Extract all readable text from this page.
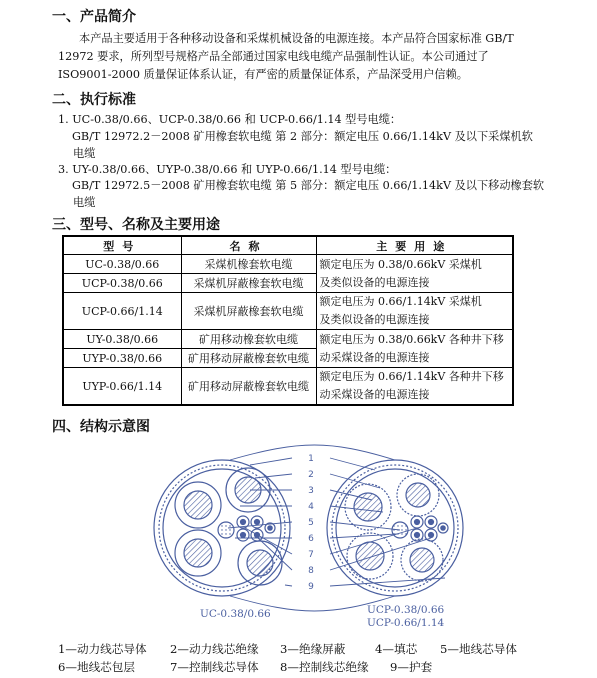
一、产品简介

本产品主要适用于各种移动设备和采煤机械设备的电源连接。本产品符合国家标准 GB/T

12972 要求，所列型号规格产品全部通过国家电线电缆产品强制性认证。本公司通过了

ISO9001-2000 质量保证体系认证，有严密的质量保证体系，产品深受用户信赖。

二、执行标准

1. UC-0.38/0.66、UCP-0.38/0.66 和 UCP-0.66/1.14 型号电缆：

GB/T 12972.2－2008 矿用橡套软电缆 第 2 部分：额定电压 0.66/1.14kV 及以下采煤机软

电缆

3. UY-0.38/0.66、UYP-0.38/0.66 和 UYP-0.66/1.14 型号电缆：

GB/T 12972.5－2008 矿用橡套软电缆 第 5 部分：额定电压 0.66/1.14kV 及以下移动橡套软

电缆

三、型号、名称及主要用途
型号	名称	主要用途
UC-0.38/0.66	采煤机橡套软电缆	额定电压为 0.38/0.66kV 采煤机
及类似设备的电源连接

UCP-0.38/0.66	采煤机屏蔽橡套软电缆	
UCP-0.66/1.14	采煤机屏蔽橡套软电缆	额定电压为 0.66/1.14kV 采煤机
及类似设备的电源连接

UY-0.38/0.66	矿用移动橡套软电缆	额定电压为 0.38/0.66kV 各种井下移
动采煤设备的电源连接

UYP-0.38/0.66	矿用移动屏蔽橡套软电缆	
UYP-0.66/1.14	矿用移动屏蔽橡套软电缆	额定电压为 0.66/1.14kV 各种井下移
动采煤设备的电源连接
四、结构示意图
1
2
3
4
5
6
7
8
9
UC-0.38/0.66	UCP-0.38/0.66
UCP-0.66/1.14
1—动力线芯导体 2—动力线芯绝缘 3—绝缘屏蔽	4—填芯 5—地线芯导体
6—地线芯包层	7—控制线芯导体 8—控制线芯绝缘 9—护套
